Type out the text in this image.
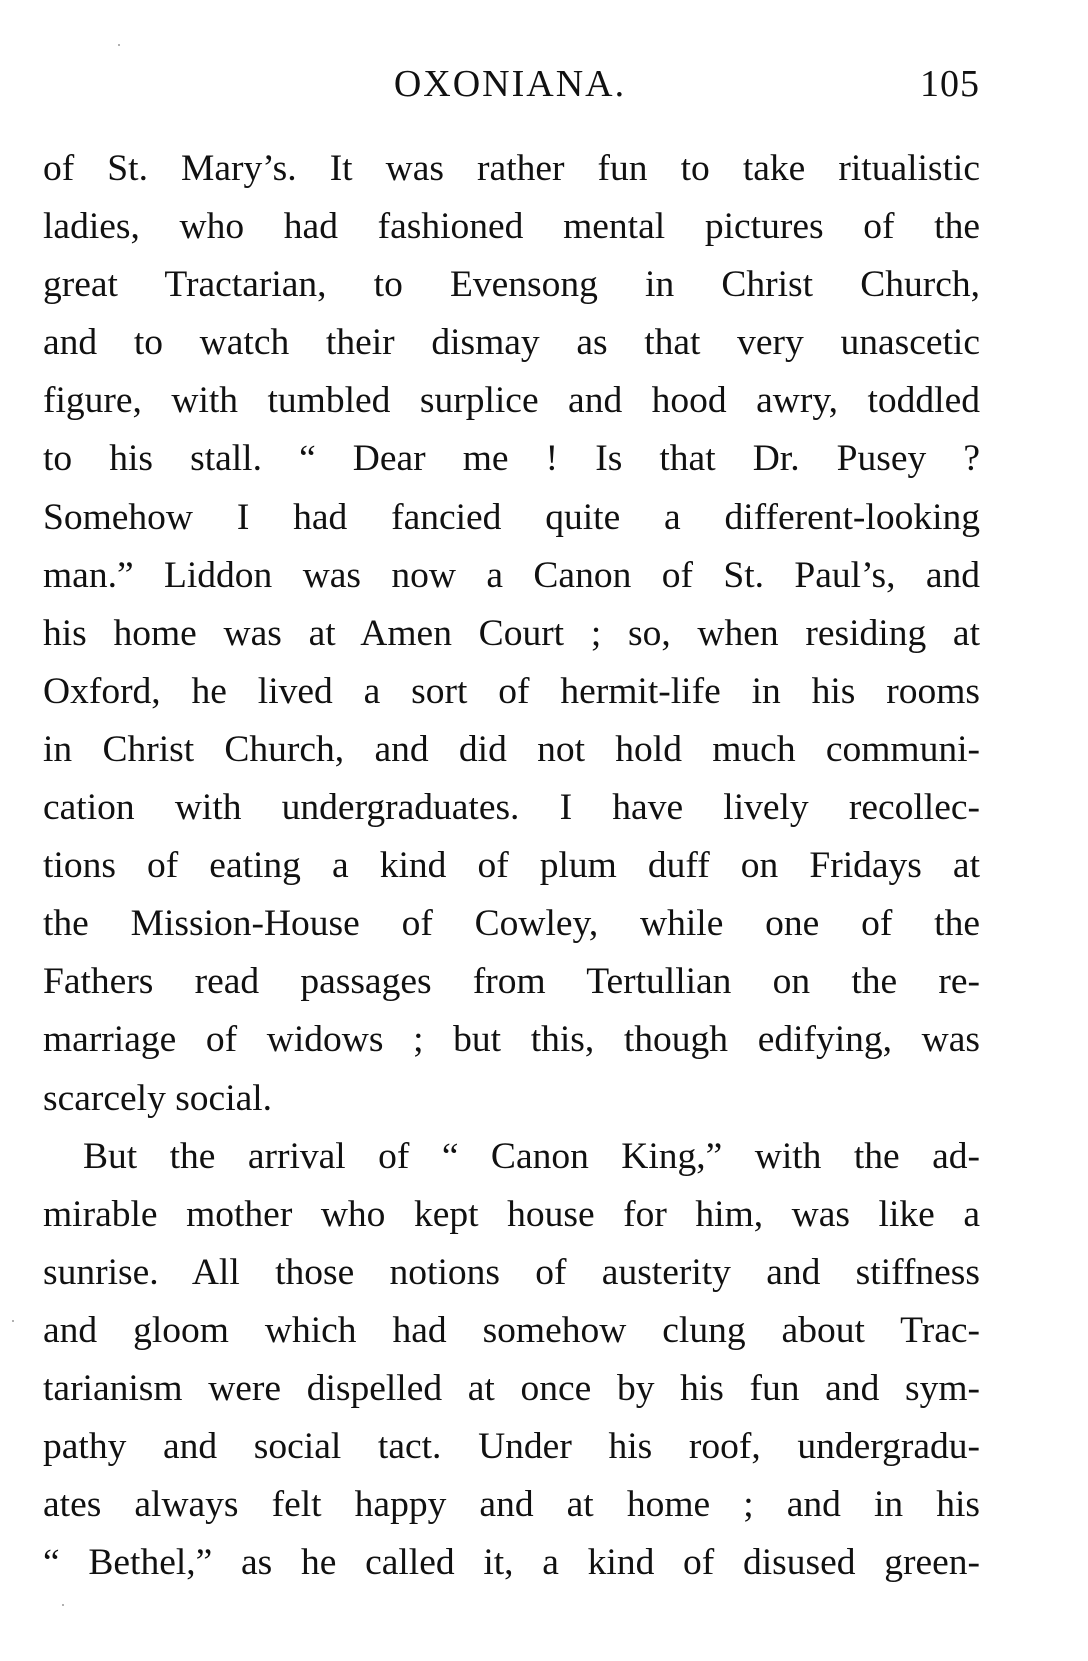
OXONIANA.	105
of St. Mary’s. It was rather fun to take ritualistic
ladies, who had fashioned mental pictures of the
great Tractarian, to Evensong in Christ Church,
and to watch their dismay as that very unascetic
figure, with tumbled surplice and hood awry, toddled
to his stall. “ Dear me ! Is that Dr. Pusey ?
Somehow I had fancied quite a different-looking
man.” Liddon was now a Canon of St. Paul’s, and
his home was at Amen Court ; so, when residing at
Oxford, he lived a sort of hermit-life in his rooms
in Christ Church, and did not hold much communi-
cation with undergraduates. I have lively recollec-
tions of eating a kind of plum duff on Fridays at
the Mission-House of Cowley, while one of the
Fathers read passages from Tertullian on the re-
marriage of widows ; but this, though edifying, was
scarcely social.
But the arrival of “ Canon King,” with the ad-
mirable mother who kept house for him, was like a
sunrise. All those notions of austerity and stiffness
and gloom which had somehow clung about Trac-
tarianism were dispelled at once by his fun and sym-
pathy and social tact. Under his roof, undergradu-
ates always felt happy and at home ; and in his
“ Bethel,” as he called it, a kind of disused green-
